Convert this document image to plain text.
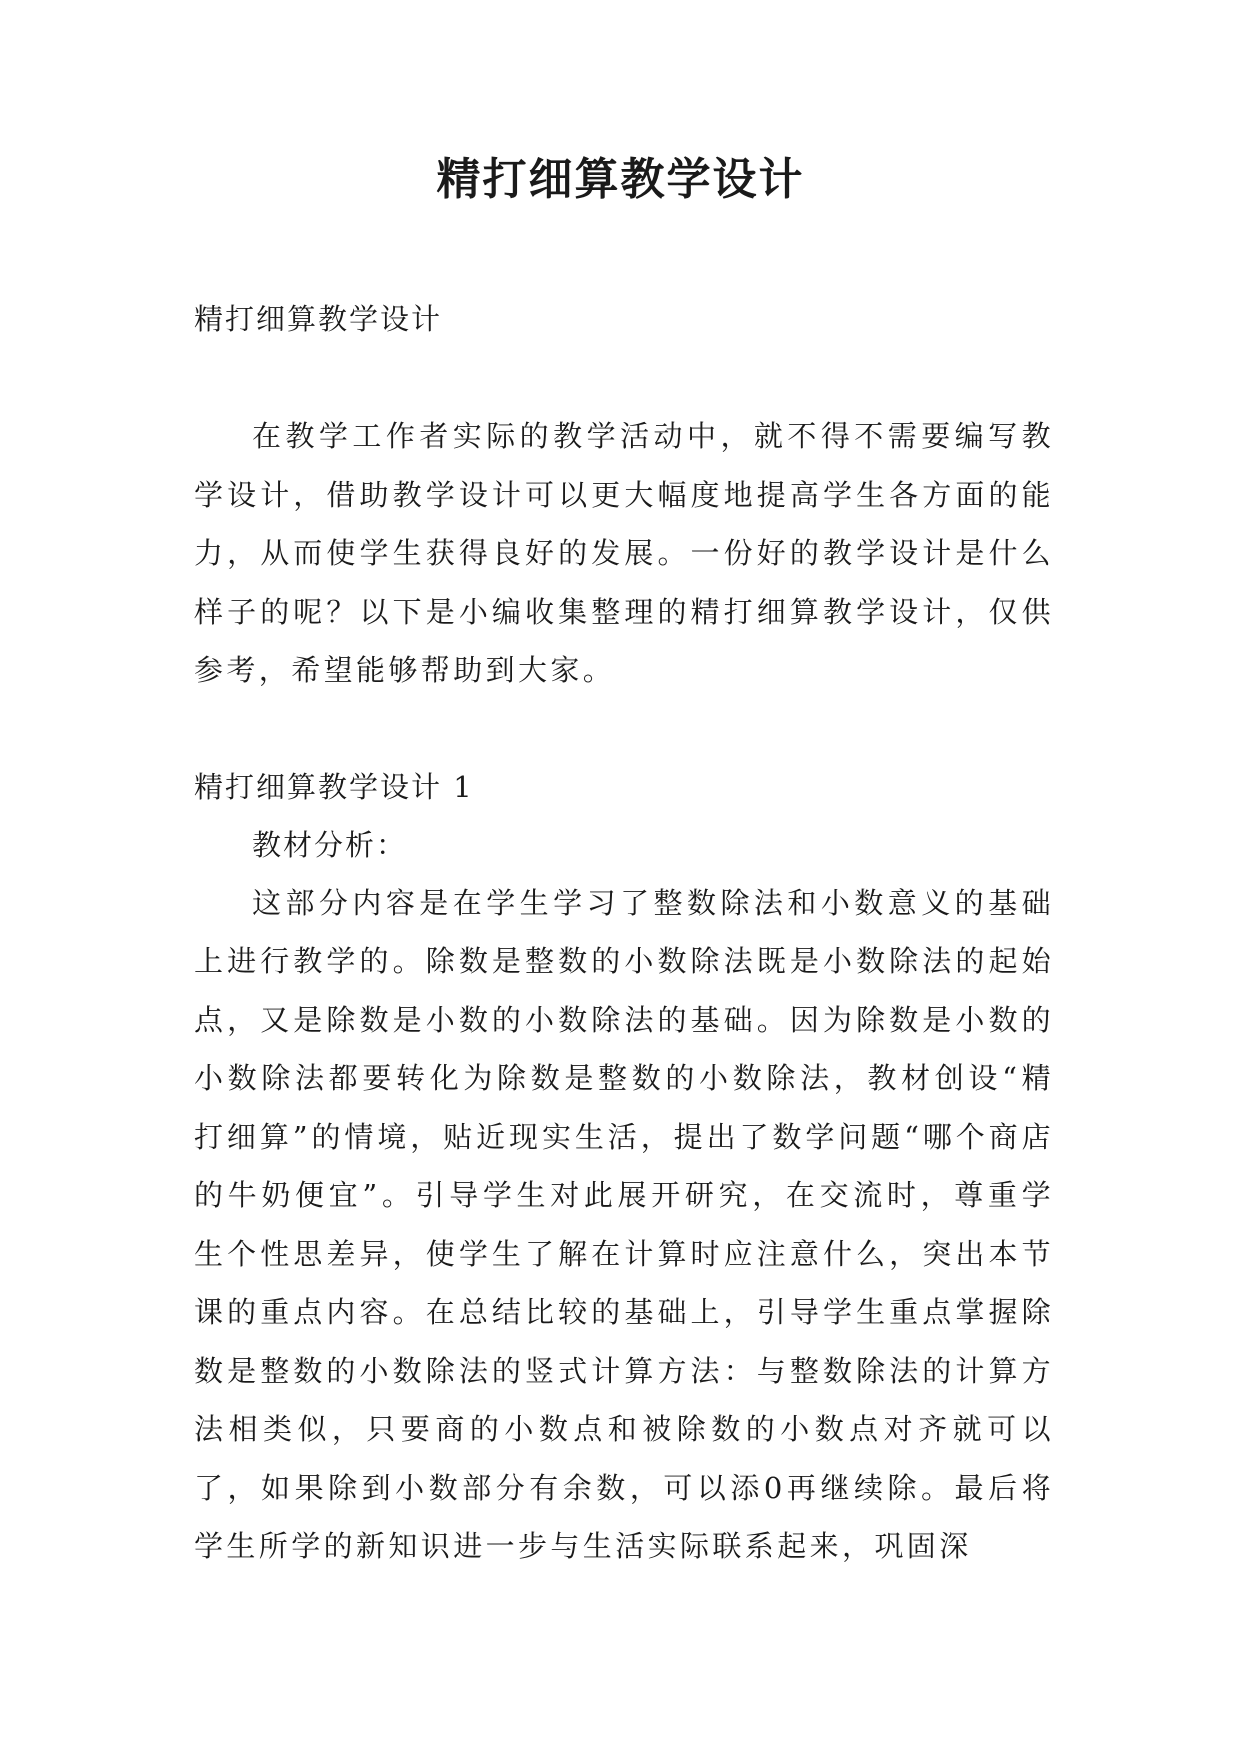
精打细算教学设计

精打细算教学设计

在教学工作者实际的教学活动中，就不得不需要编写教学设计，借助教学设计可以更大幅度地提高学生各方面的能力，从而使学生获得良好的发展。一份好的教学设计是什么样子的呢？以下是小编收集整理的精打细算教学设计，仅供参考，希望能够帮助到大家。

精打细算教学设计 1

教材分析：

这部分内容是在学生学习了整数除法和小数意义的基础上进行教学的。除数是整数的小数除法既是小数除法的起始点，又是除数是小数的小数除法的基础。因为除数是小数的小数除法都要转化为除数是整数的小数除法，教材创设“精打细算”的情境，贴近现实生活，提出了数学问题“哪个商店的牛奶便宜”。引导学生对此展开研究，在交流时，尊重学生个性思差异，使学生了解在计算时应注意什么，突出本节课的重点内容。在总结比较的基础上，引导学生重点掌握除数是整数的小数除法的竖式计算方法：与整数除法的计算方法相类似，只要商的小数点和被除数的小数点对齐就可以了，如果除到小数部分有余数，可以添0再继续除。最后将学生所学的新知识进一步与生活实际联系起来，巩固深
